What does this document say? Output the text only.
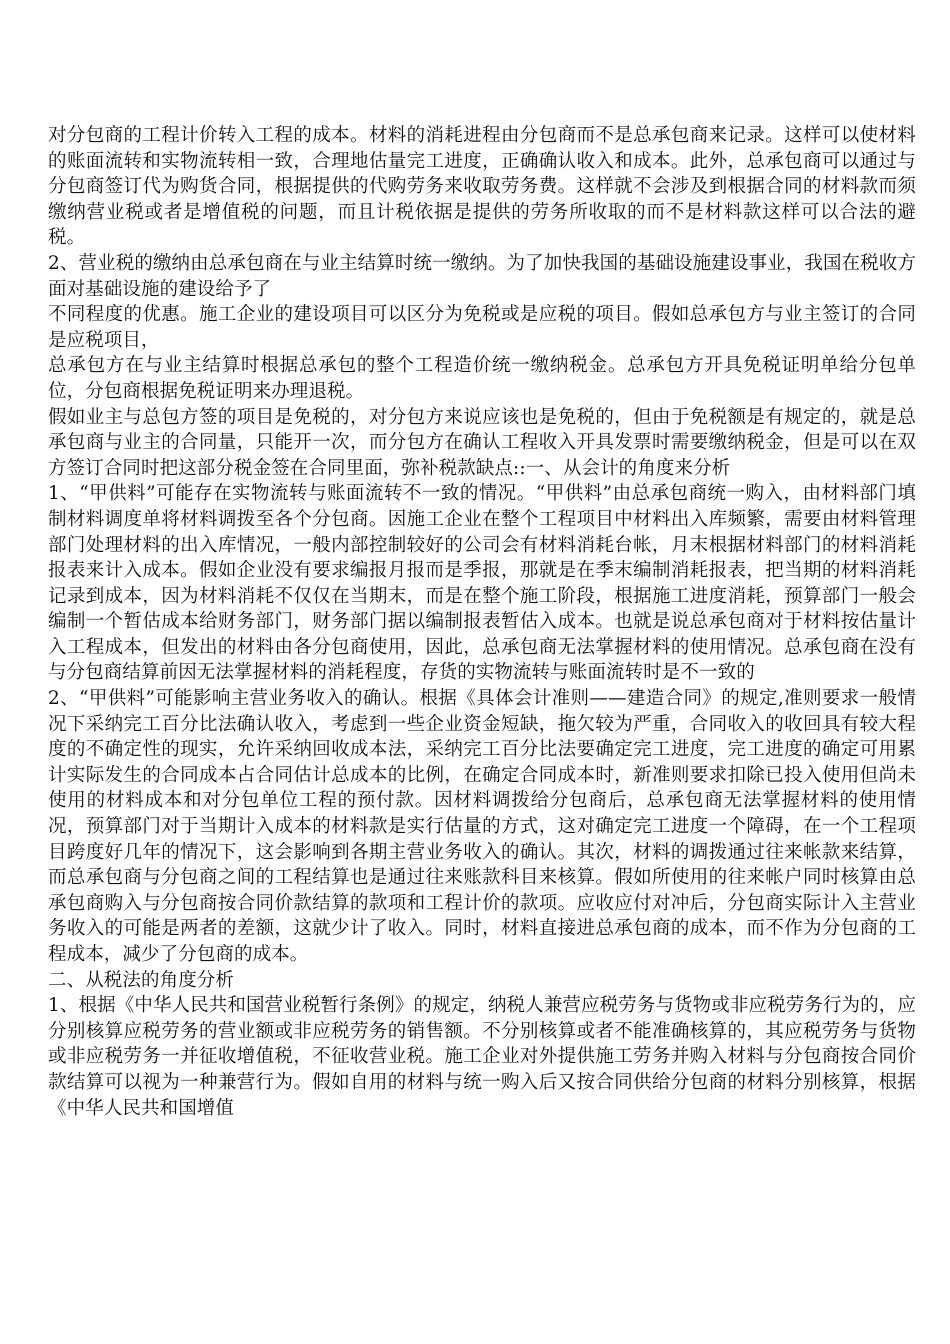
对分包商的工程计价转入工程的成本。材料的消耗进程由分包商而不是总承包商来记录。这样可以使材料的账面流转和实物流转相一致，合理地估量完工进度，正确确认收入和成本。此外，总承包商可以通过与分包商签订代为购货合同，根据提供的代购劳务来收取劳务费。这样就不会涉及到根据合同的材料款而须缴纳营业税或者是增值税的问题，而且计税依据是提供的劳务所收取的而不是材料款这样可以合法的避税。

2、营业税的缴纳由总承包商在与业主结算时统一缴纳。为了加快我国的基础设施建设事业，我国在税收方面对基础设施的建设给予了

不同程度的优惠。施工企业的建设项目可以区分为免税或是应税的项目。假如总承包方与业主签订的合同是应税项目，

总承包方在与业主结算时根据总承包的整个工程造价统一缴纳税金。总承包方开具免税证明单给分包单位，分包商根据免税证明来办理退税。

假如业主与总包方签的项目是免税的，对分包方来说应该也是免税的，但由于免税额是有规定的，就是总承包商与业主的合同量，只能开一次，而分包方在确认工程收入开具发票时需要缴纳税金，但是可以在双方签订合同时把这部分税金签在合同里面，弥补税款缺点::一、从会计的角度来分析

1、“甲供料”可能存在实物流转与账面流转不一致的情况。“甲供料”由总承包商统一购入，由材料部门填制材料调度单将材料调拨至各个分包商。因施工企业在整个工程项目中材料出入库频繁，需要由材料管理部门处理材料的出入库情况，一般内部控制较好的公司会有材料消耗台帐，月末根据材料部门的材料消耗报表来计入成本。假如企业没有要求编报月报而是季报，那就是在季末编制消耗报表，把当期的材料消耗记录到成本，因为材料消耗不仅仅在当期末，而是在整个施工阶段，根据施工进度消耗，预算部门一般会编制一个暂估成本给财务部门，财务部门据以编制报表暂估入成本。也就是说总承包商对于材料按估量计入工程成本，但发出的材料由各分包商使用，因此，总承包商无法掌握材料的使用情况。总承包商在没有与分包商结算前因无法掌握材料的消耗程度，存货的实物流转与账面流转时是不一致的

2、“甲供料”可能影响主营业务收入的确认。根据《具体会计准则——建造合同》的规定,准则要求一般情况下采纳完工百分比法确认收入，考虑到一些企业资金短缺，拖欠较为严重，合同收入的收回具有较大程度的不确定性的现实，允许采纳回收成本法，采纳完工百分比法要确定完工进度，完工进度的确定可用累计实际发生的合同成本占合同估计总成本的比例，在确定合同成本时，新准则要求扣除已投入使用但尚未使用的材料成本和对分包单位工程的预付款。因材料调拨给分包商后，总承包商无法掌握材料的使用情况，预算部门对于当期计入成本的材料款是实行估量的方式，这对确定完工进度一个障碍，在一个工程项目跨度好几年的情况下，这会影响到各期主营业务收入的确认。其次，材料的调拨通过往来帐款来结算，而总承包商与分包商之间的工程结算也是通过往来账款科目来核算。假如所使用的往来帐户同时核算由总承包商购入与分包商按合同价款结算的款项和工程计价的款项。应收应付对冲后，分包商实际计入主营业务收入的可能是两者的差额，这就少计了收入。同时，材料直接进总承包商的成本，而不作为分包商的工程成本，减少了分包商的成本。

二、从税法的角度分析

1、根据《中华人民共和国营业税暂行条例》的规定，纳税人兼营应税劳务与货物或非应税劳务行为的，应分别核算应税劳务的营业额或非应税劳务的销售额。不分别核算或者不能准确核算的，其应税劳务与货物或非应税劳务一并征收增值税，不征收营业税。施工企业对外提供施工劳务并购入材料与分包商按合同价款结算可以视为一种兼营行为。假如自用的材料与统一购入后又按合同供给分包商的材料分别核算，根据《中华人民共和国增值
